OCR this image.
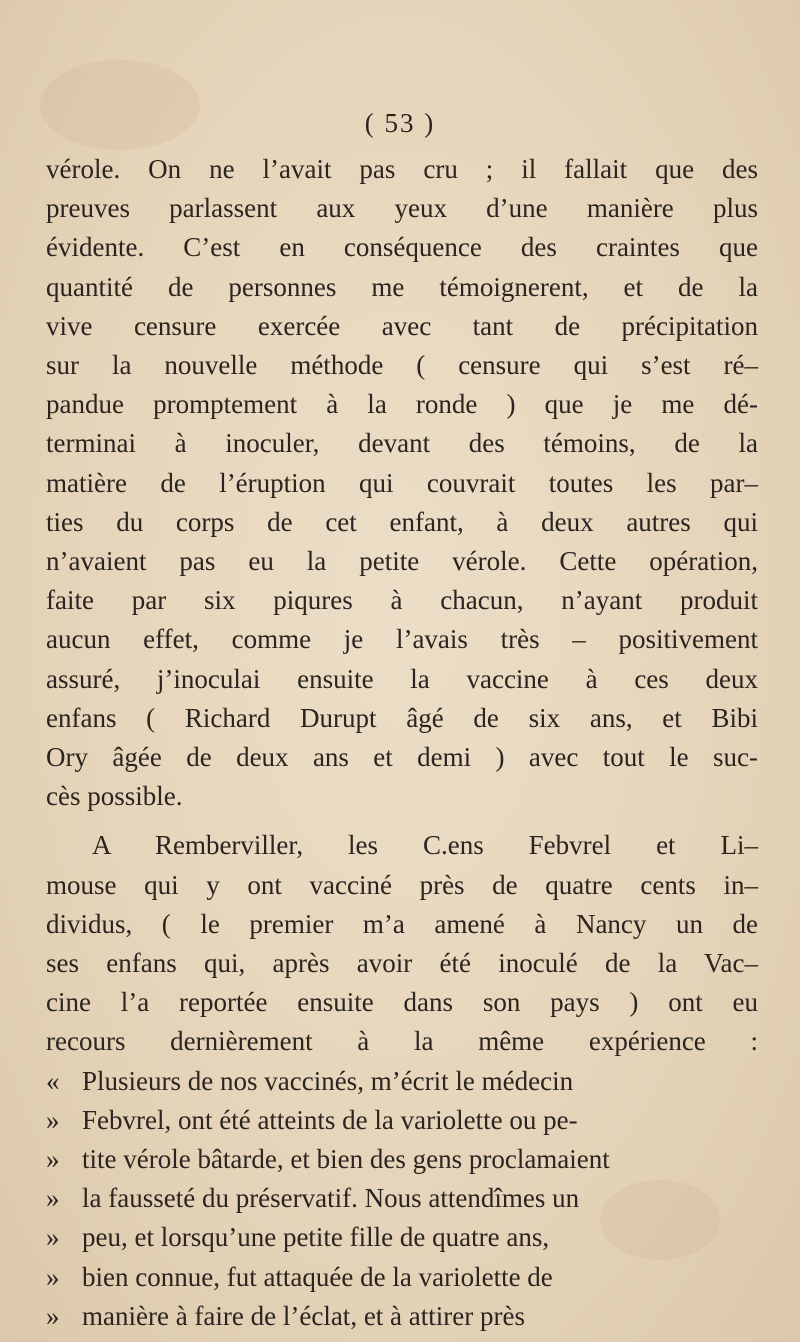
( 53 )
vérole. On ne l’avait pas cru ; il fallait que des
preuves parlassent aux yeux d’une manière plus
évidente. C’est en conséquence des craintes que
quantité de personnes me témoignerent, et de la
vive censure exercée avec tant de précipitation
sur la nouvelle méthode ( censure qui s’est ré–
pandue promptement à la ronde ) que je me dé-
terminai à inoculer, devant des témoins, de la
matière de l’éruption qui couvrait toutes les par–
ties du corps de cet enfant, à deux autres qui
n’avaient pas eu la petite vérole. Cette opération,
faite par six piqures à chacun, n’ayant produit
aucun effet, comme je l’avais très – positivement
assuré, j’inoculai ensuite la vaccine à ces deux
enfans ( Richard Durupt âgé de six ans, et Bibi
Ory âgée de deux ans et demi ) avec tout le suc-
cès possible.
A Remberviller, les C.ens Febvrel et Li–
mouse qui y ont vacciné près de quatre cents in–
dividus, ( le premier m’a amené à Nancy un de
ses enfans qui, après avoir été inoculé de la Vac–
cine l’a reportée ensuite dans son pays ) ont eu
recours dernièrement à la même expérience :
« Plusieurs de nos vaccinés, m’écrit le médecin
» Febvrel, ont été atteints de la variolette ou pe-
» tite vérole bâtarde, et bien des gens proclamaient
» la fausseté du préservatif. Nous attendîmes un
» peu, et lorsqu’une petite fille de quatre ans,
» bien connue, fut attaquée de la variolette de
» manière à faire de l’éclat, et à attirer près
